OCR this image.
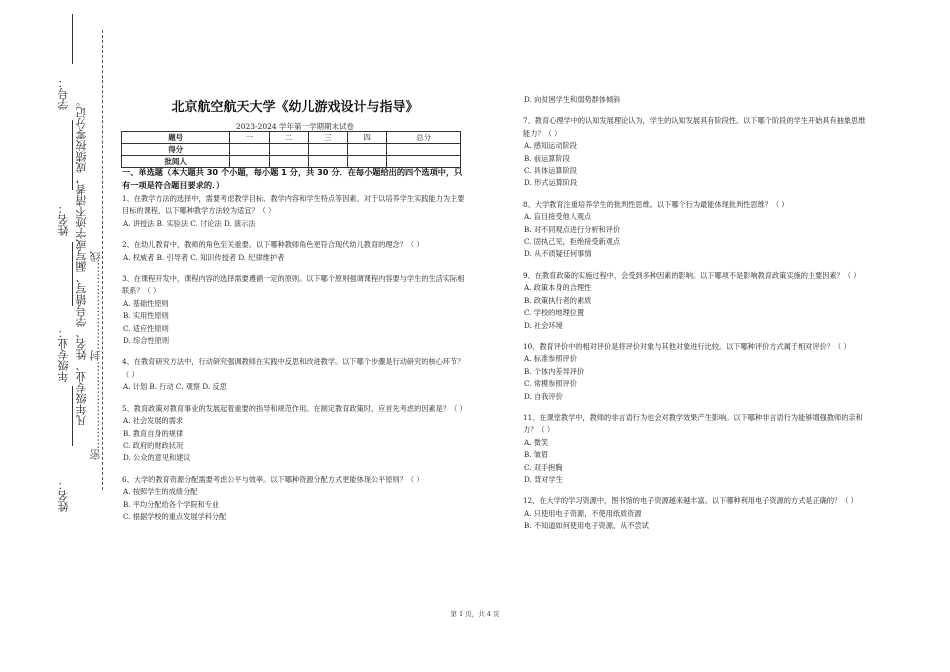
姓名：
年级专业：
姓名：
学号：
凡年级专业、姓名、学号错写、漏写或字迹不清者，成绩按零分记。 密……………………封……………………线
北京航空航天大学《幼儿游戏设计与指导》
2023-2024 学年第一学期期末试卷
题号	一	二	三	四	总分
得分					
批阅人					
一、单选题（本大题共 30 个小题，每小题 1 分，共 30 分．在每小题给出的四个选项中，只有一项是符合题目要求的．）
1、在教学方法的选择中，需要考虑教学目标、教学内容和学生特点等因素。对于以培养学生实践能力为主要目标的课程，以下哪种教学方法较为适宜？（ ）
A. 讲授法 B. 实验法 C. 讨论法 D. 演示法
2、在幼儿教育中，教师的角色至关重要。以下哪种教师角色更符合现代幼儿教育的理念？（ ）
A. 权威者 B. 引导者 C. 知识传授者 D. 纪律维护者
3、在课程开发中，课程内容的选择需要遵循一定的原则。以下哪个原则强调课程内容要与学生的生活实际相联系？（ ）
A. 基础性原则
B. 实用性原则
C. 适应性原则
D. 综合性原则
4、在教育研究方法中，行动研究强调教师在实践中反思和改进教学。以下哪个步骤是行动研究的核心环节？（ ）
A. 计划 B. 行动 C. 观察 D. 反思
5、教育政策对教育事业的发展起着重要的指导和规范作用。在制定教育政策时，应首先考虑的因素是？（ ）
A. 社会发展的需求
B. 教育自身的规律
C. 政府的财政状况
D. 公众的意见和建议
6、大学的教育资源分配需要考虑公平与效率。以下哪种资源分配方式更能体现公平原则？（ ）
A. 按照学生的成绩分配
B. 平均分配给各个学院和专业
C. 根据学校的重点发展学科分配
D. 向贫困学生和弱势群体倾斜
7、教育心理学中的认知发展理论认为，学生的认知发展具有阶段性。以下哪个阶段的学生开始具有抽象思维能力？（ ）
A. 感知运动阶段
B. 前运算阶段
C. 具体运算阶段
D. 形式运算阶段
8、大学教育注重培养学生的批判性思维。以下哪个行为最能体现批判性思维？（ ）
A. 盲目接受他人观点
B. 对不同观点进行分析和评价
C. 固执己见，拒绝接受新观点
D. 从不质疑任何事情
9、在教育政策的实施过程中，会受到多种因素的影响。以下哪项不是影响教育政策实施的主要因素？（ ）
A. 政策本身的合理性
B. 政策执行者的素质
C. 学校的地理位置
D. 社会环境
10、教育评价中的相对评价是将评价对象与其他对象进行比较。以下哪种评价方式属于相对评价？（ ）
A. 标准参照评价
B. 个体内差异评价
C. 常模参照评价
D. 自我评价
11、在课堂教学中，教师的非言语行为也会对教学效果产生影响。以下哪种非言语行为能够增强教师的亲和力？（ ）
A. 微笑
B. 皱眉
C. 双手抱胸
D. 背对学生
12、在大学的学习资源中，图书馆的电子资源越来越丰富。以下哪种利用电子资源的方式是正确的？（ ）
A. 只使用电子资源，不使用纸质资源
B. 不知道如何使用电子资源，从不尝试
第 1 页，共 4 页
